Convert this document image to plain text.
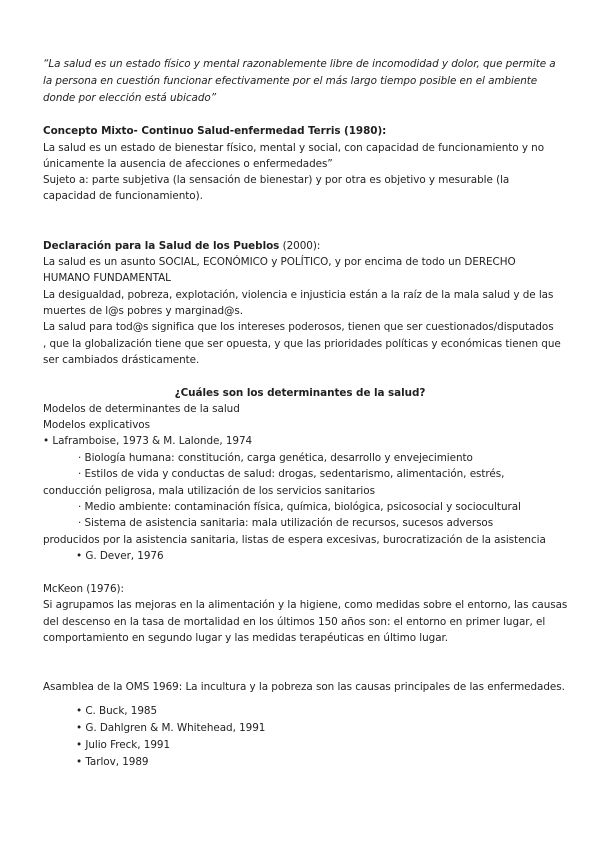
“La salud es un estado físico y mental razonablemente libre de incomodidad y dolor, que permite a
la persona en cuestión funcionar efectivamente por el más largo tiempo posible en el ambiente
donde por elección está ubicado”
Concepto Mixto- Continuo Salud-enfermedad Terris (1980):
La salud es un estado de bienestar físico, mental y social, con capacidad de funcionamiento y no
únicamente la ausencia de afecciones o enfermedades”
Sujeto a: parte subjetiva (la sensación de bienestar) y por otra es objetivo y mesurable (la
capacidad de funcionamiento).
Declaración para la Salud de los Pueblos (2000):
La salud es un asunto SOCIAL, ECONÓMICO y POLÍTICO, y por encima de todo un DERECHO
HUMANO FUNDAMENTAL
La desigualdad, pobreza, explotación, violencia e injusticia están a la raíz de la mala salud y de las
muertes de l@s pobres y marginad@s.
La salud para tod@s significa que los intereses poderosos, tienen que ser cuestionados/disputados
, que la globalización tiene que ser opuesta, y que las prioridades políticas y económicas tienen que
ser cambiados drásticamente.
¿Cuáles son los determinantes de la salud?
Modelos de determinantes de la salud
Modelos explicativos
• Laframboise, 1973 & M. Lalonde, 1974
· Biología humana: constitución, carga genética, desarrollo y envejecimiento
· Estilos de vida y conductas de salud: drogas, sedentarismo, alimentación, estrés,
conducción peligrosa, mala utilización de los servicios sanitarios
· Medio ambiente: contaminación física, química, biológica, psicosocial y sociocultural
· Sistema de asistencia sanitaria: mala utilización de recursos, sucesos adversos
producidos por la asistencia sanitaria, listas de espera excesivas, burocratización de la asistencia
• G. Dever, 1976
McKeon (1976):
Si agrupamos las mejoras en la alimentación y la higiene, como medidas sobre el entorno, las causas
del descenso en la tasa de mortalidad en los últimos 150 años son: el entorno en primer lugar, el
comportamiento en segundo lugar y las medidas terapéuticas en último lugar.
Asamblea de la OMS 1969: La incultura y la pobreza son las causas principales de las enfermedades.
• C. Buck, 1985
• G. Dahlgren & M. Whitehead, 1991
• Julio Freck, 1991
• Tarlov, 1989
